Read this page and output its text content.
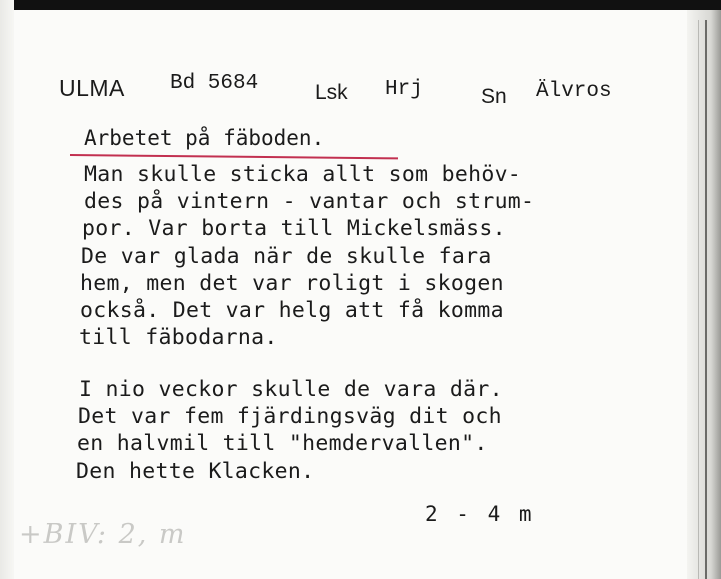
ULMA Bd 5684	Lsk Hrj	Sn Älvros
Arbetet på fäboden.
Man skulle sticka allt som behöv-
des på vintern - vantar och strum-
por. Var borta till Mickelsmäss.
De var glada när de skulle fara
hem, men det var roligt i skogen
också. Det var helg att få komma
till fäbodarna.
I nio veckor skulle de vara där.
Det var fem fjärdingsväg dit och
en halvmil till "hemdervallen".
Den hette Klacken.
2 - 4 m
+BIV: 2, m
